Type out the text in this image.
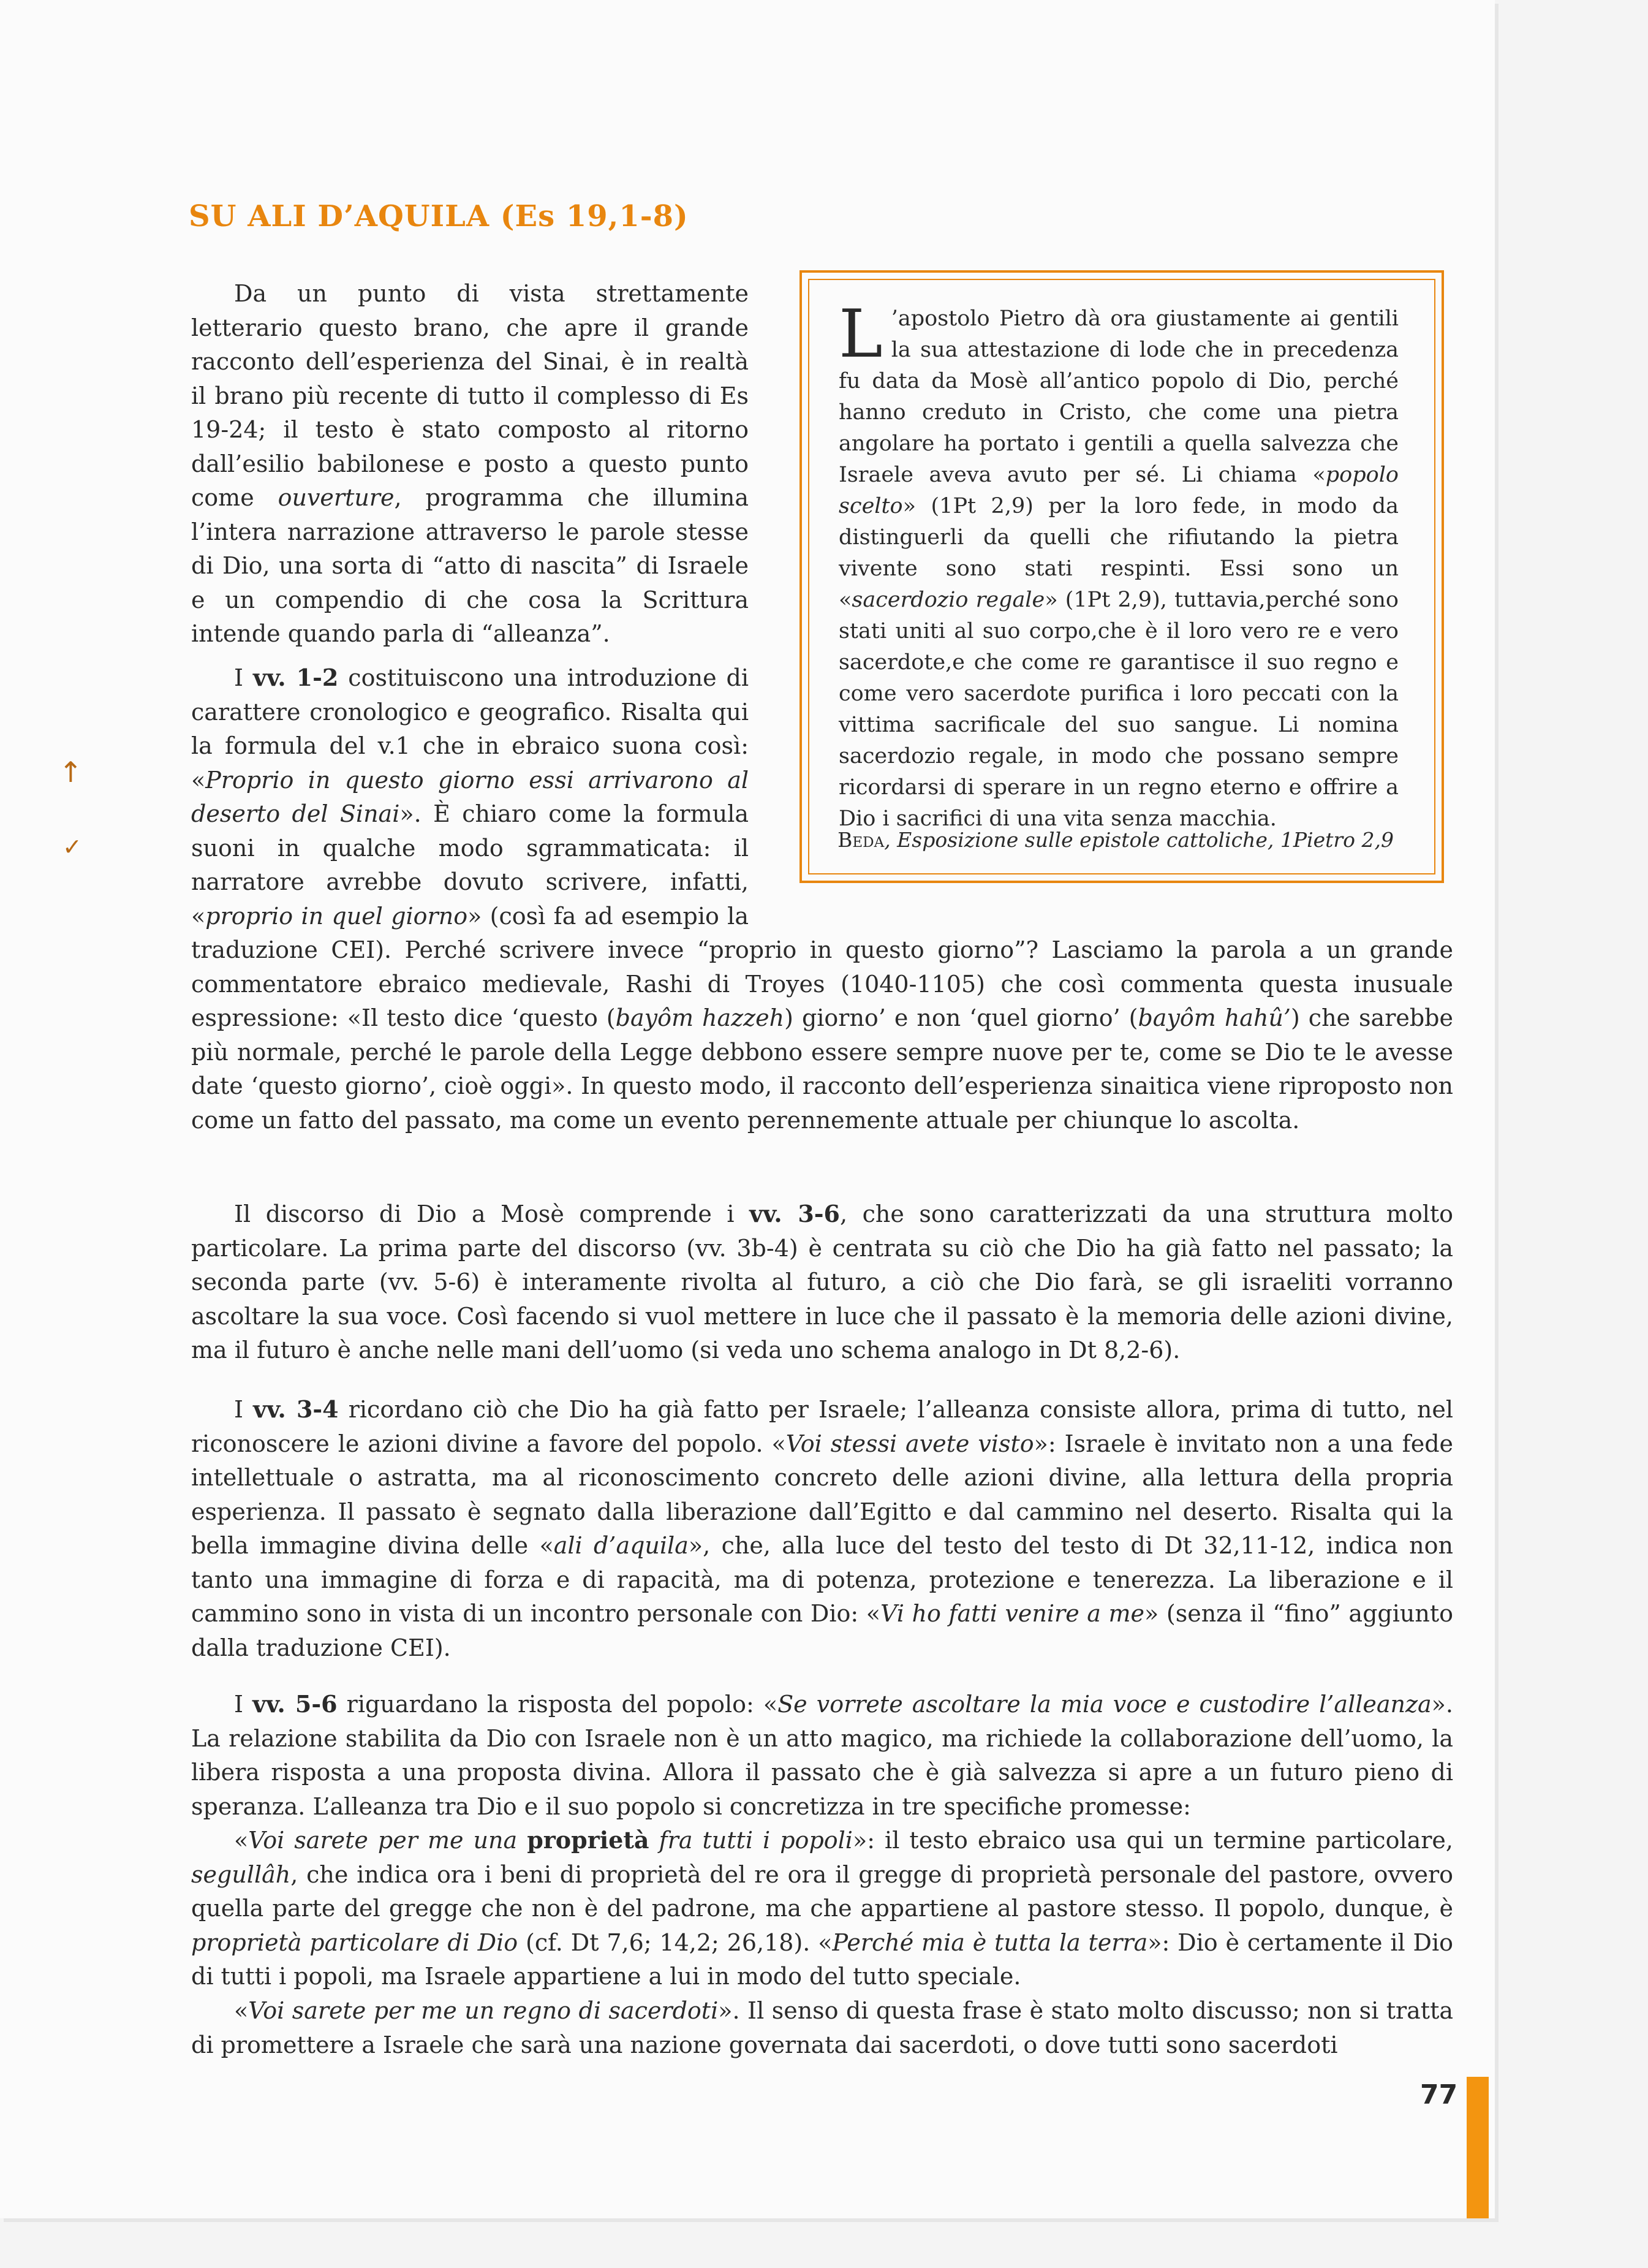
SU ALI D’AQUILA (Es 19,1-8)

Da un punto di vista strettamente letterario questo brano, che apre il grande racconto dell’esperienza del Sinai, è in realtà il brano più recente di tutto il complesso di Es 19-24; il testo è stato composto al ritorno dall’esilio babilonese e posto a questo punto come ouverture, programma che illumina l’intera narrazione attraverso le parole stesse di Dio, una sorta di “atto di nascita” di Israele e un compendio di che cosa la Scrittura intende quando parla di “alleanza”.

L ’apostolo Pietro dà ora giustamente ai gentili la sua attestazione di lode che in precedenza fu data da Mosè all’antico popolo di Dio, perché hanno creduto in Cristo, che come una pietra angolare ha portato i gentili a quella salvezza che Israele aveva avuto per sé. Li chiama «popolo scelto» (1Pt 2,9) per la loro fede, in modo da distinguerli da quelli che rifiutando la pietra vivente sono stati respinti. Essi sono un «sacerdozio regale» (1Pt 2,9), tuttavia,perché sono stati uniti al suo corpo,che è il loro vero re e vero sacerdote,e che come re garantisce il suo regno e come vero sacerdote purifica i loro peccati con la vittima sacrificale del suo sangue. Li nomina sacerdozio regale, in modo che possano sempre ricordarsi di sperare in un regno eterno e offrire a Dio i sacrifici di una vita senza macchia.

Beda, Esposizione sulle epistole cattoliche, 1Pietro 2,9

I vv. 1-2 costituiscono una introduzione di carattere cronologico e geografico. Risalta qui la formula del v.1 che in ebraico suona così: «Proprio in questo giorno essi arrivarono al deserto del Sinai». È chiaro come la formula suoni in qualche modo sgrammaticata: il narratore avrebbe dovuto scrivere, infatti, «proprio in quel giorno» (così fa ad esempio la traduzione CEI). Perché scrivere invece “proprio in questo giorno”? Lasciamo la parola a un grande commentatore ebraico medievale, Rashi di Troyes (1040-1105) che così commenta questa inusuale espressione: «Il testo dice ‘questo (bayôm hazzeh) giorno’ e non ‘quel giorno’ (bayôm hahû’) che sarebbe più normale, perché le parole della Legge debbono essere sempre nuove per te, come se Dio te le avesse date ‘questo giorno’, cioè oggi». In questo modo, il racconto dell’esperienza sinaitica viene riproposto non come un fatto del passato, ma come un evento perennemente attuale per chiunque lo ascolta.

Il discorso di Dio a Mosè comprende i vv. 3-6, che sono caratterizzati da una struttura molto particolare. La prima parte del discorso (vv. 3b-4) è centrata su ciò che Dio ha già fatto nel passato; la seconda parte (vv. 5-6) è interamente rivolta al futuro, a ciò che Dio farà, se gli israeliti vorranno ascoltare la sua voce. Così facendo si vuol mettere in luce che il passato è la memoria delle azioni divine, ma il futuro è anche nelle mani dell’uomo (si veda uno schema analogo in Dt 8,2-6).

I vv. 3-4 ricordano ciò che Dio ha già fatto per Israele; l’alleanza consiste allora, prima di tutto, nel riconoscere le azioni divine a favore del popolo. «Voi stessi avete visto»: Israele è invitato non a una fede intellettuale o astratta, ma al riconoscimento concreto delle azioni divine, alla lettura della propria esperienza. Il passato è segnato dalla liberazione dall’Egitto e dal cammino nel deserto. Risalta qui la bella immagine divina delle «ali d’aquila», che, alla luce del testo del testo di Dt 32,11-12, indica non tanto una immagine di forza e di rapacità, ma di potenza, protezione e tenerezza. La liberazione e il cammino sono in vista di un incontro personale con Dio: «Vi ho fatti venire a me» (senza il “fino” aggiunto dalla traduzione CEI).

I vv. 5-6 riguardano la risposta del popolo: «Se vorrete ascoltare la mia voce e custodire l’alleanza». La relazione stabilita da Dio con Israele non è un atto magico, ma richiede la collaborazione dell’uomo, la libera risposta a una proposta divina. Allora il passato che è già salvezza si apre a un futuro pieno di speranza. L’alleanza tra Dio e il suo popolo si concretizza in tre specifiche promesse:

«Voi sarete per me una proprietà fra tutti i popoli»: il testo ebraico usa qui un termine particolare, segullâh, che indica ora i beni di proprietà del re ora il gregge di proprietà personale del pastore, ovvero quella parte del gregge che non è del padrone, ma che appartiene al pastore stesso. Il popolo, dunque, è proprietà particolare di Dio (cf. Dt 7,6; 14,2; 26,18). «Perché mia è tutta la terra»: Dio è certamente il Dio di tutti i popoli, ma Israele appartiene a lui in modo del tutto speciale.

«Voi sarete per me un regno di sacerdoti». Il senso di questa frase è stato molto discusso; non si tratta di promettere a Israele che sarà una nazione governata dai sacerdoti, o dove tutti sono sacerdoti

↑
✓

77
